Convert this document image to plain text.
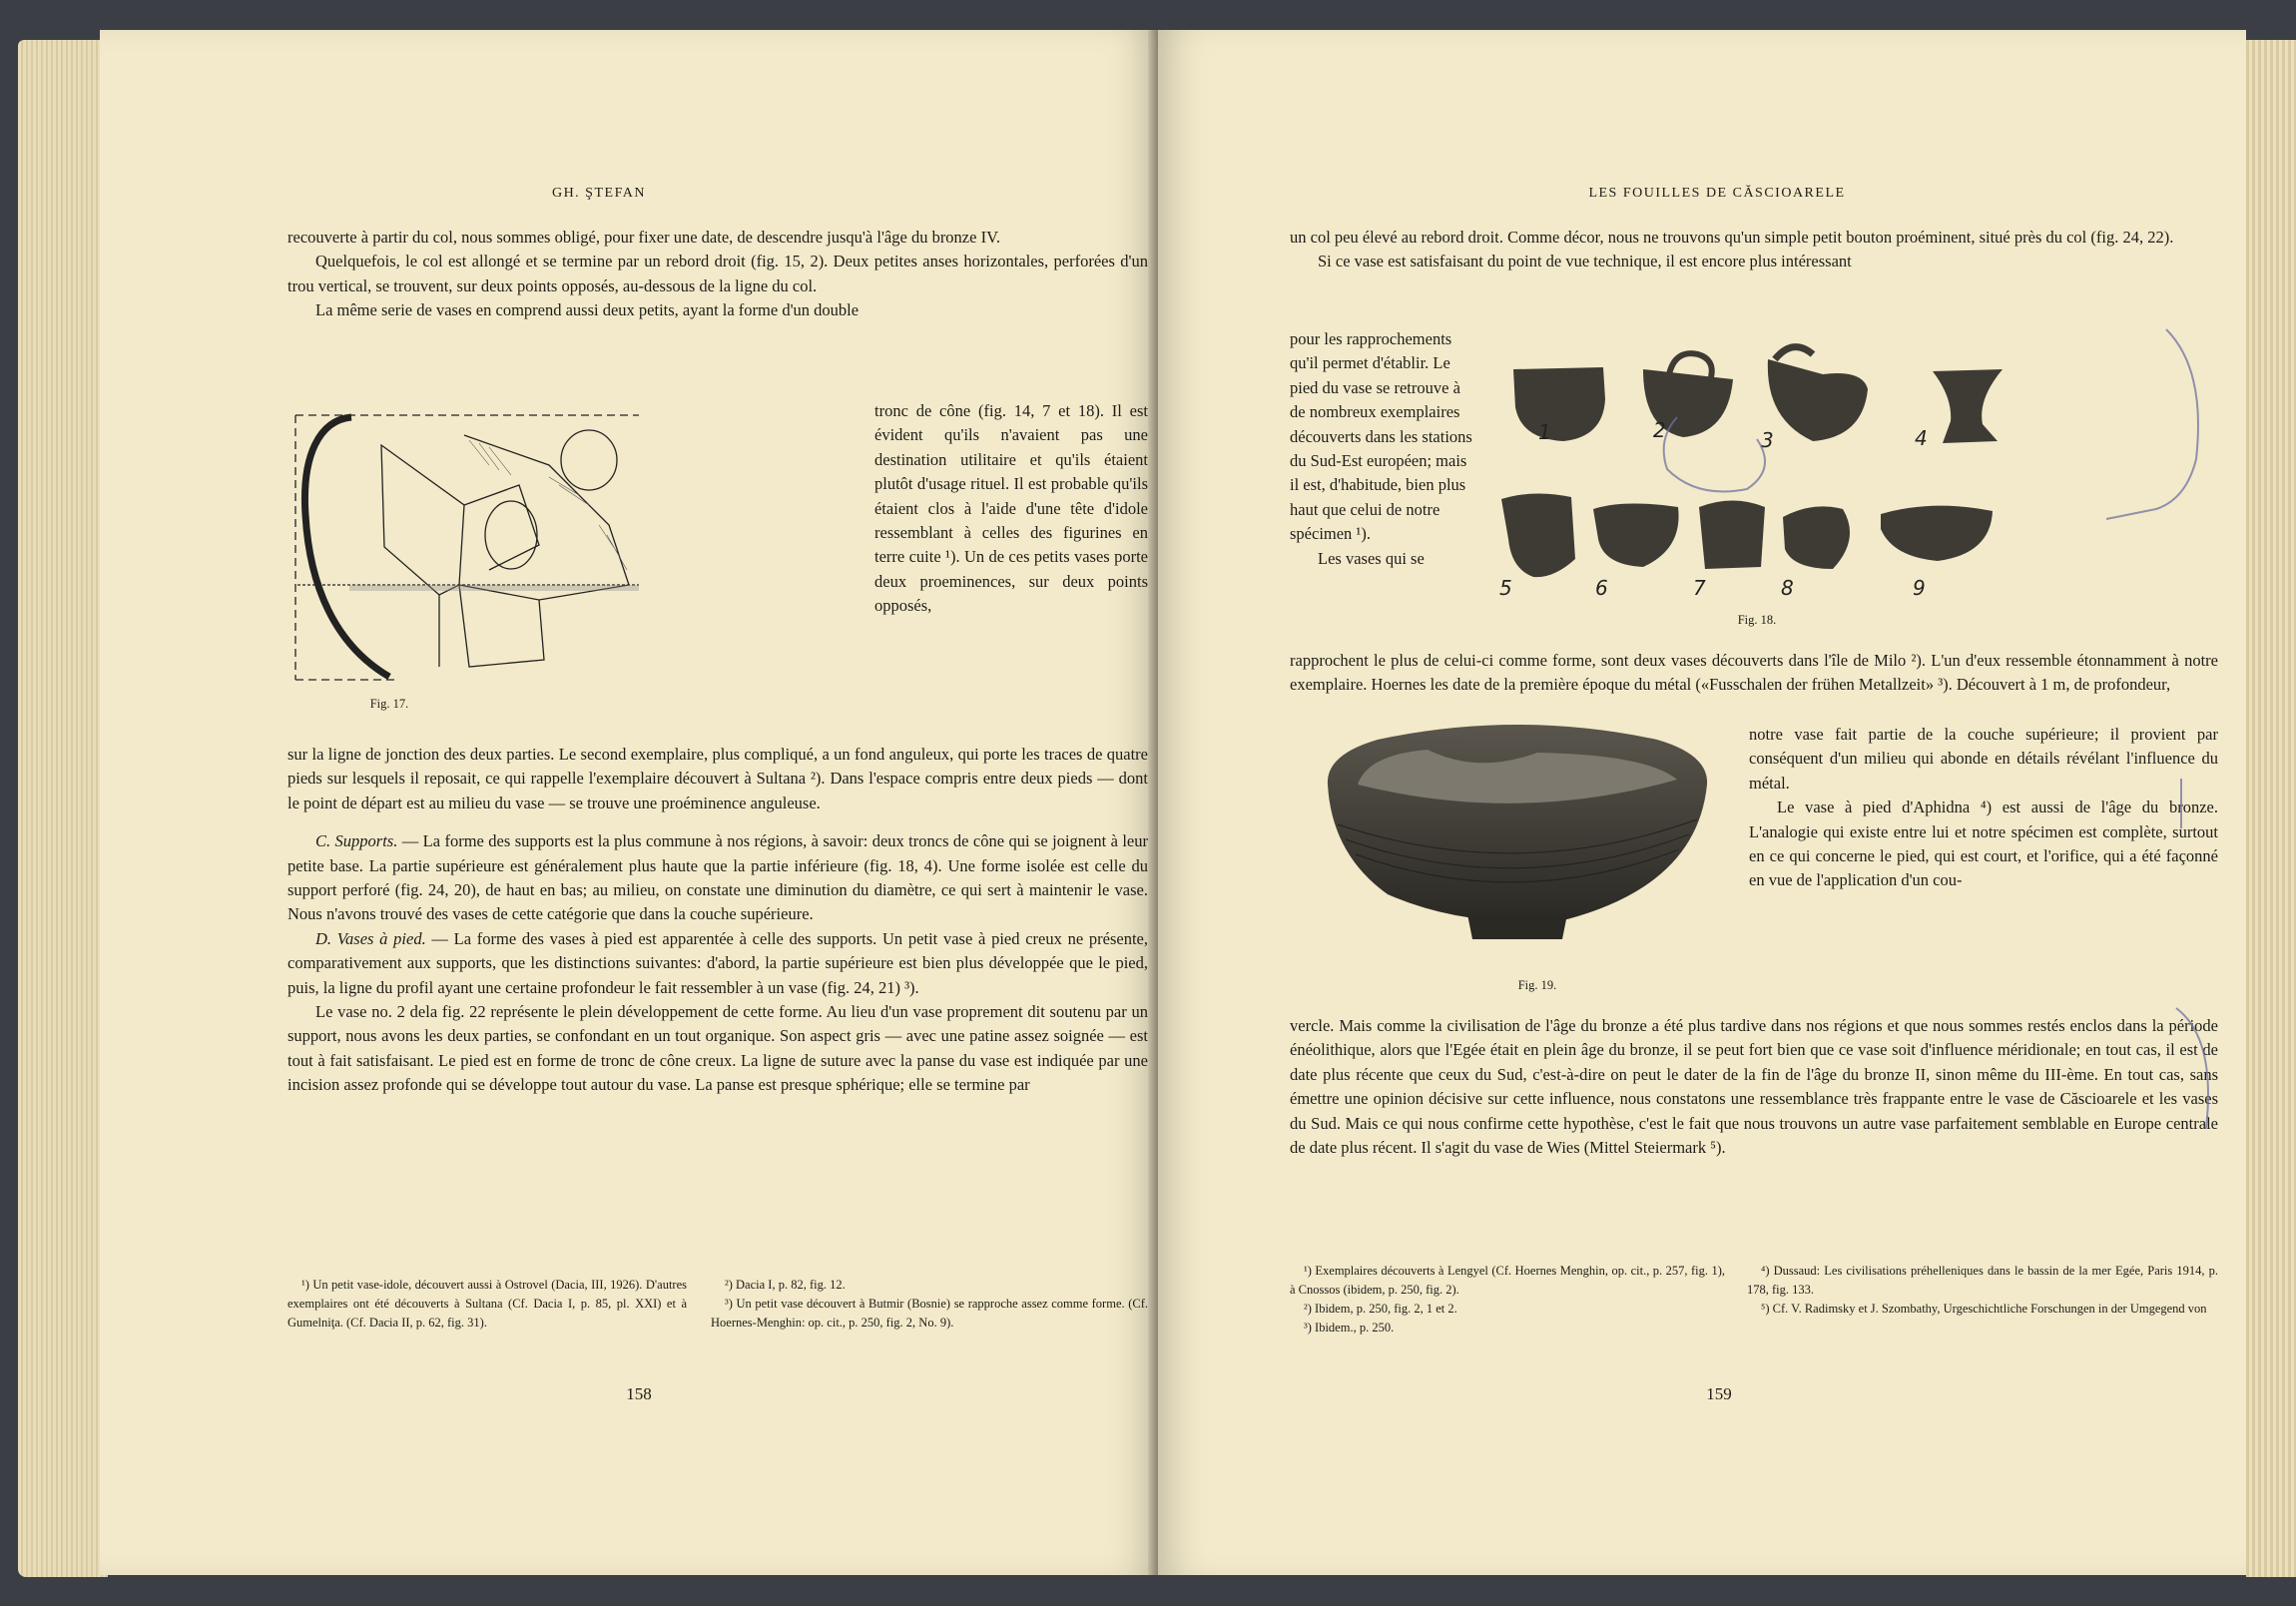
GH. ŞTEFAN

recouverte à partir du col, nous sommes obligé, pour fixer une date, de descendre jusqu'à l'âge du bronze IV.

Quelquefois, le col est allongé et se termine par un rebord droit (fig. 15, 2). Deux petites anses horizontales, perforées d'un trou vertical, se trouvent, sur deux points opposés, au-dessous de la ligne du col.

La même serie de vases en comprend aussi deux petits, ayant la forme d'un double

Fig. 17.

tronc de cône (fig. 14, 7 et 18). Il est évident qu'ils n'avaient pas une destination utilitaire et qu'ils étaient plutôt d'usage rituel. Il est probable qu'ils étaient clos à l'aide d'une tête d'idole ressemblant à celles des figurines en terre cuite ¹). Un de ces petits vases porte deux proeminences, sur deux points opposés,

sur la ligne de jonction des deux parties. Le second exemplaire, plus compliqué, a un fond anguleux, qui porte les traces de quatre pieds sur lesquels il reposait, ce qui rappelle l'exemplaire découvert à Sultana ²). Dans l'espace compris entre deux pieds — dont le point de départ est au milieu du vase — se trouve une proéminence anguleuse.

C. Supports. — La forme des supports est la plus commune à nos régions, à savoir: deux troncs de cône qui se joignent à leur petite base. La partie supérieure est généralement plus haute que la partie inférieure (fig. 18, 4). Une forme isolée est celle du support perforé (fig. 24, 20), de haut en bas; au milieu, on constate une diminution du diamètre, ce qui sert à maintenir le vase. Nous n'avons trouvé des vases de cette catégorie que dans la couche supérieure.

D. Vases à pied. — La forme des vases à pied est apparentée à celle des supports. Un petit vase à pied creux ne présente, comparativement aux supports, que les distinctions suivantes: d'abord, la partie supérieure est bien plus développée que le pied, puis, la ligne du profil ayant une certaine profondeur le fait ressembler à un vase (fig. 24, 21) ³).

Le vase no. 2 dela fig. 22 représente le plein développement de cette forme. Au lieu d'un vase proprement dit soutenu par un support, nous avons les deux parties, se confondant en un tout organique. Son aspect gris — avec une patine assez soignée — est tout à fait satisfaisant. Le pied est en forme de tronc de cône creux. La ligne de suture avec la panse du vase est indiquée par une incision assez profonde qui se développe tout autour du vase. La panse est presque sphérique; elle se termine par

¹) Un petit vase-idole, découvert aussi à Ostrovel (Dacia, III, 1926). D'autres exemplaires ont été découverts à Sultana (Cf. Dacia I, p. 85, pl. XXI) et à Gumelniţa. (Cf. Dacia II, p. 62, fig. 31).

²) Dacia I, p. 82, fig. 12.

³) Un petit vase découvert à Butmir (Bosnie) se rapproche assez comme forme. (Cf. Hoernes-Menghin: op. cit., p. 250, fig. 2, No. 9).

158
LES FOUILLES DE CĂSCIOARELE

un col peu élevé au rebord droit. Comme décor, nous ne trouvons qu'un simple petit bouton proéminent, situé près du col (fig. 24, 22).

Si ce vase est satisfaisant du point de vue technique, il est encore plus intéressant

pour les rapprochements qu'il permet d'établir. Le pied du vase se retrouve à de nombreux exemplaires découverts dans les stations du Sud-Est européen; mais il est, d'habitude, bien plus haut que celui de notre spécimen ¹).

Les vases qui se

1	2	3	4
5	6	7	8	9
Fig. 18.

rapprochent le plus de celui-ci comme forme, sont deux vases découverts dans l'île de Milo ²). L'un d'eux ressemble étonnamment à notre exemplaire. Hoernes les date de la première époque du métal («Fusschalen der frühen Metallzeit» ³). Découvert à 1 m, de profondeur,

Fig. 19.

notre vase fait partie de la couche supérieure; il provient par conséquent d'un milieu qui abonde en détails révélant l'influence du métal.

Le vase à pied d'Aphidna ⁴) est aussi de l'âge du bronze. L'analogie qui existe entre lui et notre spécimen est complète, surtout en ce qui concerne le pied, qui est court, et l'orifice, qui a été façonné en vue de l'application d'un cou-

vercle. Mais comme la civilisation de l'âge du bronze a été plus tardive dans nos régions et que nous sommes restés enclos dans la période énéolithique, alors que l'Egée était en plein âge du bronze, il se peut fort bien que ce vase soit d'influence méridionale; en tout cas, il est de date plus récente que ceux du Sud, c'est-à-dire on peut le dater de la fin de l'âge du bronze II, sinon même du III-ème. En tout cas, sans émettre une opinion décisive sur cette influence, nous constatons une ressemblance très frappante entre le vase de Căscioarele et les vases du Sud. Mais ce qui nous confirme cette hypothèse, c'est le fait que nous trouvons un autre vase parfaitement semblable en Europe centrale de date plus récent. Il s'agit du vase de Wies (Mittel Steiermark ⁵).

¹) Exemplaires découverts à Lengyel (Cf. Hoernes Menghin, op. cit., p. 257, fig. 1), à Cnossos (ibidem, p. 250, fig. 2).

²) Ibidem, p. 250, fig. 2, 1 et 2.

³) Ibidem., p. 250.

⁴) Dussaud: Les civilisations préhelleniques dans le bassin de la mer Egée, Paris 1914, p. 178, fig. 133.

⁵) Cf. V. Radimsky et J. Szombathy, Urgeschichtliche Forschungen in der Umgegend von

159
